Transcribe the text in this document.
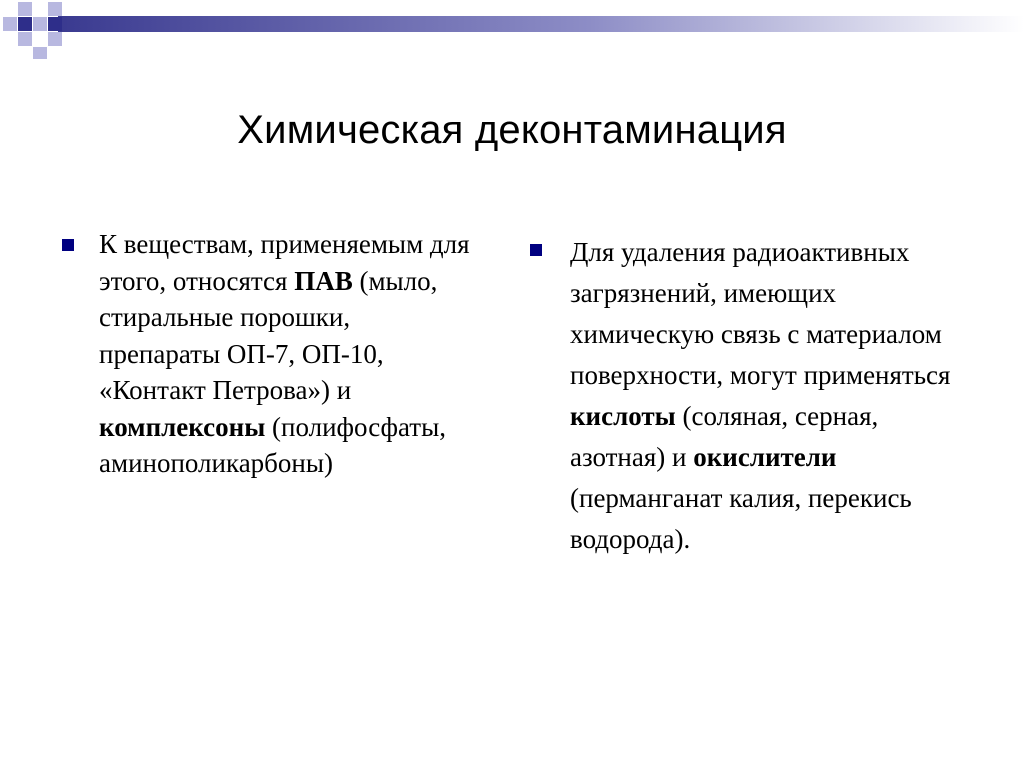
Химическая деконтаминация
К веществам, применяемым для этого, относятся ПАВ (мыло, стиральные порошки, препараты ОП-7, ОП-10, «Контакт Петрова») и комплексоны (полифосфаты, аминополикарбоны)
Для удаления радиоактивных загрязнений, имеющих химическую связь с материалом поверхности, могут применяться кислоты (соляная, серная, азотная) и окислители (перманганат калия, перекись водорода).
